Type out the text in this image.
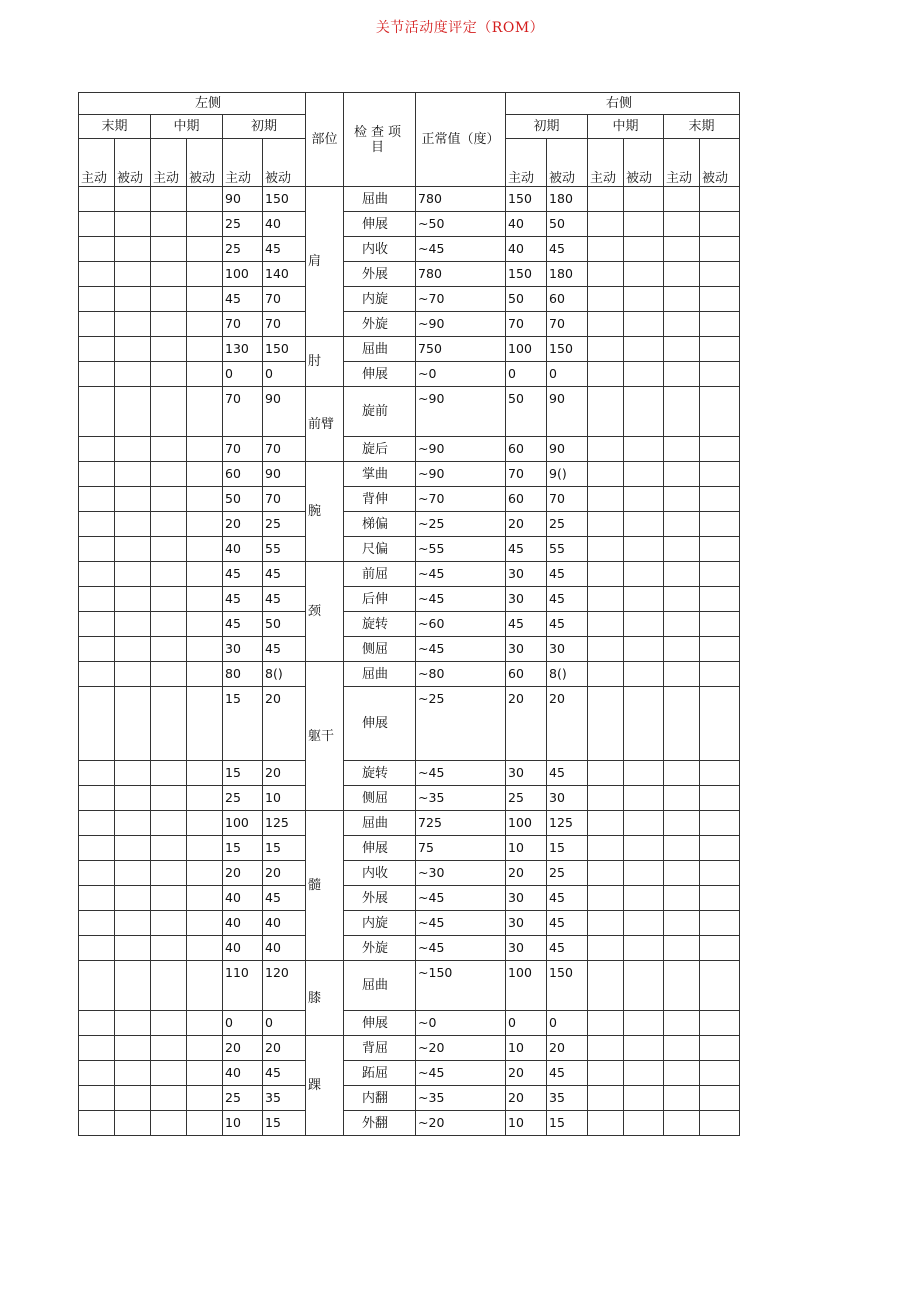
关节活动度评定（ROM）
左侧						部位	检查项目	正常值（度）	右侧					
末期		中期		初期					初期		中期		末期	
主动	被动	主动	被动	主动	被动				主动	被动	主动	被动	主动	被动
				90	150	肩	屈曲	780	150	180				
				25	40		伸展	~50	40	50				
				25	45		内收	~45	40	45				
				100	140		外展	780	150	180				
				45	70		内旋	~70	50	60				
				70	70		外旋	~90	70	70				
				130	150	肘	屈曲	750	100	150				
				0	0		伸展	~0	0	0				
				70	90	前臂	旋前	~90	50	90				
				70	70		旋后	~90	60	90				
				60	90	腕	掌曲	~90	70	9()				
				50	70		背伸	~70	60	70				
				20	25		梯偏	~25	20	25				
				40	55		尺偏	~55	45	55				
				45	45	颈	前屈	~45	30	45				
				45	45		后伸	~45	30	45				
				45	50		旋转	~60	45	45				
				30	45		侧屈	~45	30	30				
				80	8()	躯干	屈曲	~80	60	8()				
				15	20		伸展	~25	20	20				
				15	20		旋转	~45	30	45				
				25	10		侧屈	~35	25	30				
				100	125	髓	屈曲	725	100	125				
				15	15		伸展	75	10	15				
				20	20		内收	~30	20	25				
				40	45		外展	~45	30	45				
				40	40		内旋	~45	30	45				
				40	40		外旋	~45	30	45				
				110	120	膝	屈曲	~150	100	150				
				0	0		伸展	~0	0	0				
				20	20	踝	背屈	~20	10	20				
				40	45		跖屈	~45	20	45				
				25	35		内翻	~35	20	35				
				10	15		外翻	~20	10	15				
